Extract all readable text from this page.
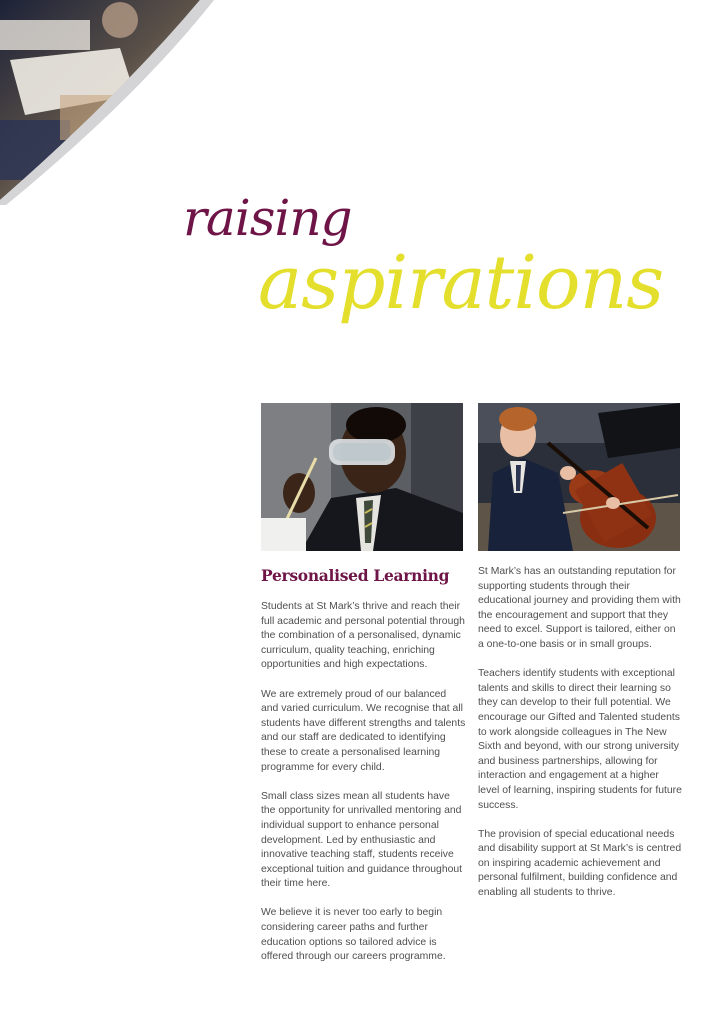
raising
aspirations
Personalised Learning

Students at St Mark’s thrive and reach their full academic and personal potential through the combination of a personalised, dynamic curriculum, quality teaching, enriching opportunities and high expectations.

We are extremely proud of our balanced and varied curriculum. We recognise that all students have different strengths and talents and our staff are dedicated to identifying these to create a personalised learning programme for every child.

Small class sizes mean all students have the opportunity for unrivalled mentoring and individual support to enhance personal development. Led by enthusiastic and innovative teaching staff, students receive exceptional tuition and guidance throughout their time here.

We believe it is never too early to begin considering career paths and further education options so tailored advice is offered through our careers programme.

St Mark’s has an outstanding reputation for supporting students through their educational journey and providing them with the encouragement and support that they need to excel. Support is tailored, either on a one-to-one basis or in small groups.

Teachers identify students with exceptional talents and skills to direct their learning so they can develop to their full potential. We encourage our Gifted and Talented students to work alongside colleagues in The New Sixth and beyond, with our strong university and business partnerships, allowing for interaction and engagement at a higher level of learning, inspiring students for future success.

The provision of special educational needs and disability support at St Mark’s is centred on inspiring academic achievement and personal fulfilment, building confidence and enabling all students to thrive.
